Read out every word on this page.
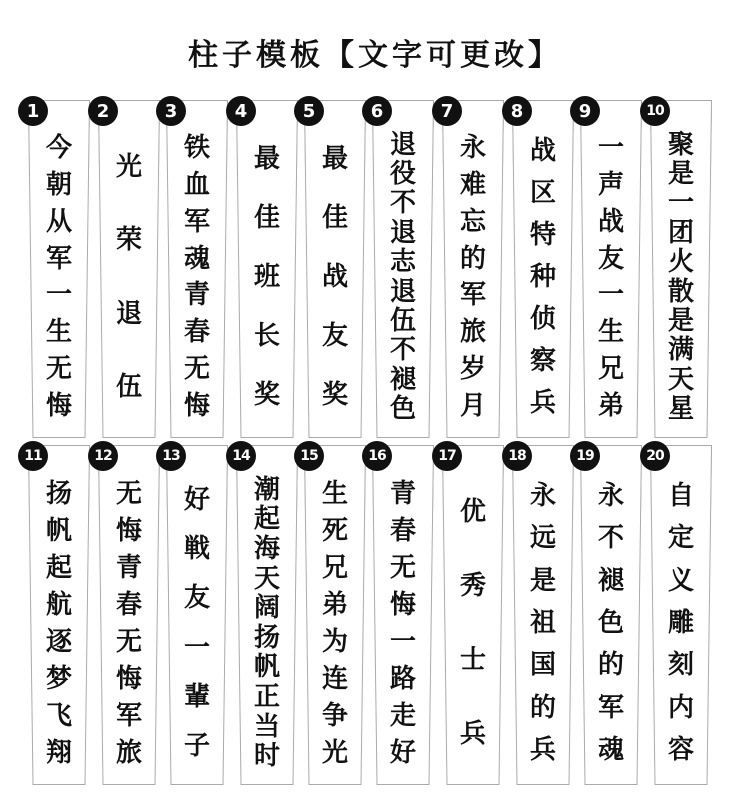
柱子模板【文字可更改】
今
朝
从
军
一
生
无
悔
1
光
荣
退
伍
2
铁
血
军
魂
青
春
无
悔
3
最
佳
班
长
奖
4
最
佳
战
友
奖
5
退
役
不
退
志
退
伍
不
褪
色
6
永
难
忘
的
军
旅
岁
月
7
战
区
特
种
侦
察
兵
8
一
声
战
友
一
生
兄
弟
9
聚
是
一
团
火
散
是
满
天
星
10
扬
帆
起
航
逐
梦
飞
翔
11
无
悔
青
春
无
悔
军
旅
12
好
戦
友
一
輩
子
13
潮
起
海
天
阔
扬
帆
正
当
时
14
生
死
兄
弟
为
连
争
光
15
青
春
无
悔
一
路
走
好
16
优
秀
士
兵
17
永
远
是
祖
国
的
兵
18
永
不
褪
色
的
军
魂
19
自
定
义
雕
刻
内
容
20
